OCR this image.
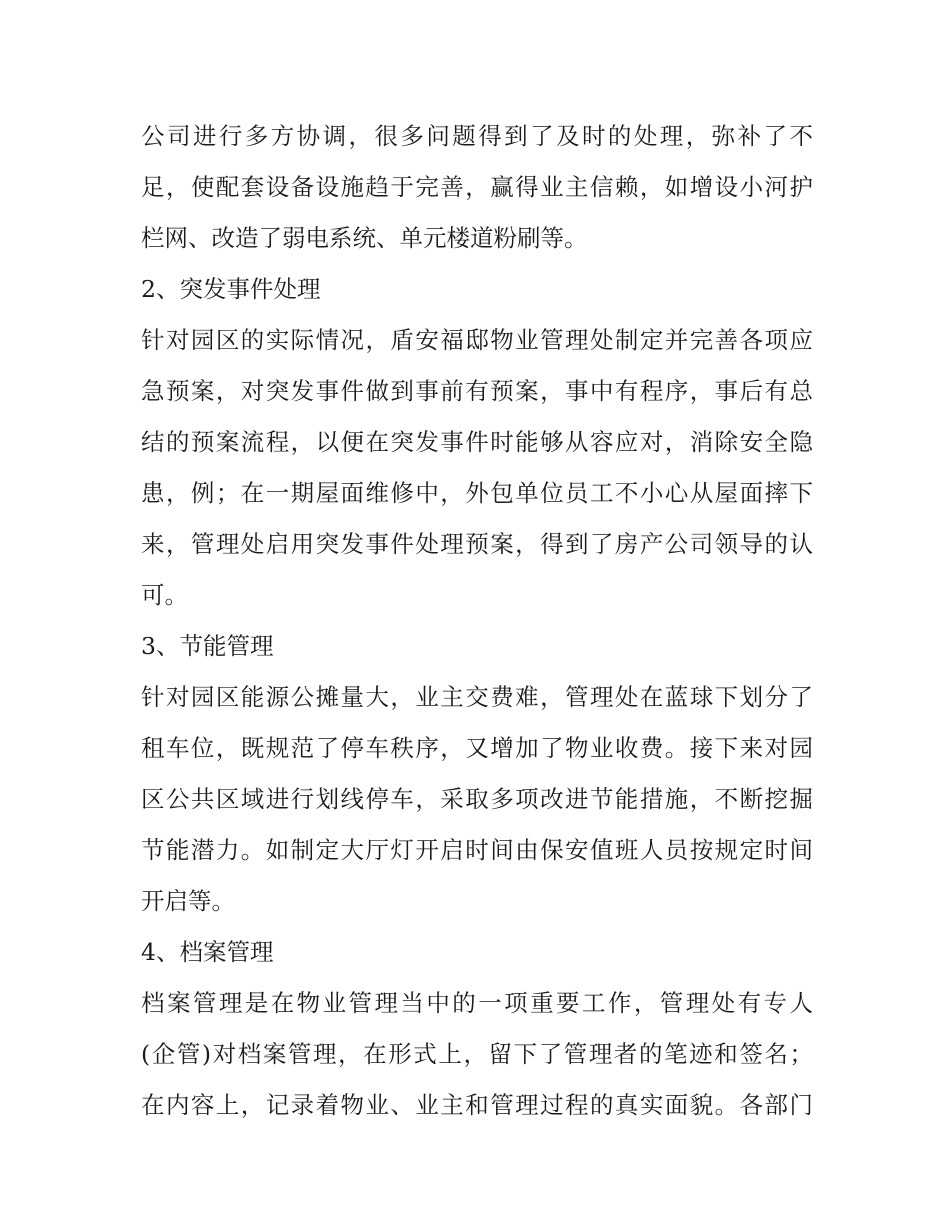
公司进行多方协调，很多问题得到了及时的处理，弥补了不
足，使配套设备设施趋于完善，赢得业主信赖，如增设小河护
栏网、改造了弱电系统、单元楼道粉刷等。
2、突发事件处理
针对园区的实际情况，盾安福邸物业管理处制定并完善各项应
急预案，对突发事件做到事前有预案，事中有程序，事后有总
结的预案流程，以便在突发事件时能够从容应对，消除安全隐
患，例；在一期屋面维修中，外包单位员工不小心从屋面摔下
来，管理处启用突发事件处理预案，得到了房产公司领导的认
可。
3、节能管理
针对园区能源公摊量大，业主交费难，管理处在蓝球下划分了
租车位，既规范了停车秩序，又增加了物业收费。接下来对园
区公共区域进行划线停车，采取多项改进节能措施，不断挖掘
节能潜力。如制定大厅灯开启时间由保安值班人员按规定时间
开启等。
4、档案管理
档案管理是在物业管理当中的一项重要工作，管理处有专人
(企管)对档案管理，在形式上，留下了管理者的笔迹和签名；
在内容上，记录着物业、业主和管理过程的真实面貌。各部门
